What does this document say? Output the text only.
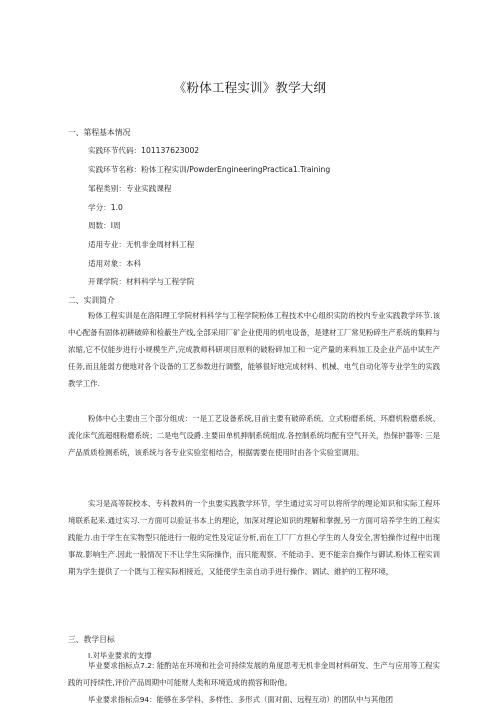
《粉体工程实训》教学大纲
一、第程基本情况
实践环节代码：101137623002
实践环节名称：粉体工程实训/PowderEngineeringPractica1.Training
邹程类别：专业实践课程
学分：1.0
周数：I周
适用专业：无机非金周材料工程
适用对象：本科
开课学院：材料科学与工程学院
二、实训简介

粉体工程实训是在洛阳理工学院材料科学与工程学院粉体工程技术中心组织实防的校内专业实践教学环节.该中心配备有固体初耕破碎和检蔽生产线,全部采用厂矿企业使用的机电设备，是建材工厂常见粉碎生产系统的集粹与浓缩,它不仅能步进行小规模生产,完成教师科研项目原料的破粉碎加工和一定产量的来料加工及企业产品中试生产任务,而且能弱方便地对各个设备的工艺参数进行调整，能够很好地完成材料、机械、电气自动化等专业学生的实践教学工作.

粉体中心主要由三个部分组成：一是工艺设备系统,目前主要有破碎系统、立式粉磨系统、环磨机粉磨系统、流化床气流超细粉磨系统；二是电气设爵.主要田单机抻制系统组成.各控制系统均配有空气开关，热保护器等: 三是产品质质检测系统，该系统与各专业实验室相结合，根据需要在使用时由各个实验室调用。

实习是高等院校本、专科教料的一个虫要实践教学环节，学生通过实习可以将所学的理论知识和实际工程环境联系起来.通过实习.一方面可以验证书本上的理论，加深对理论知识的理解和掌握,另一方面可培养学生的工程实践能力.由于学生在实物型只能进行一般的定性及定证分析,而在工厂厂方担心学生的人身安全,害怕操作过程中出现事故.影响生产.因此一般情况下不让学生实际操作，而只能观察、不能动手、更不能亲自操作与御试.粉体工程实训期为学生提供了一个既与工程实际相接近，又能使学生亲自动手进行操作、调试、維护的工程环境，

三、教学目标
I.对毕业要求的支撑

毕业要求指标点7.2: 能酌站在环境和社会可持续发展的角度思考无机非金周材料研发、生产与应用等工程实践的可持续性,评价产品周期中可能财人类和环境造成的损容和盼他。

毕业要求指标点94：能够在多学科、多样性、多形式（面对面、远程互动）的团队中与其他团
